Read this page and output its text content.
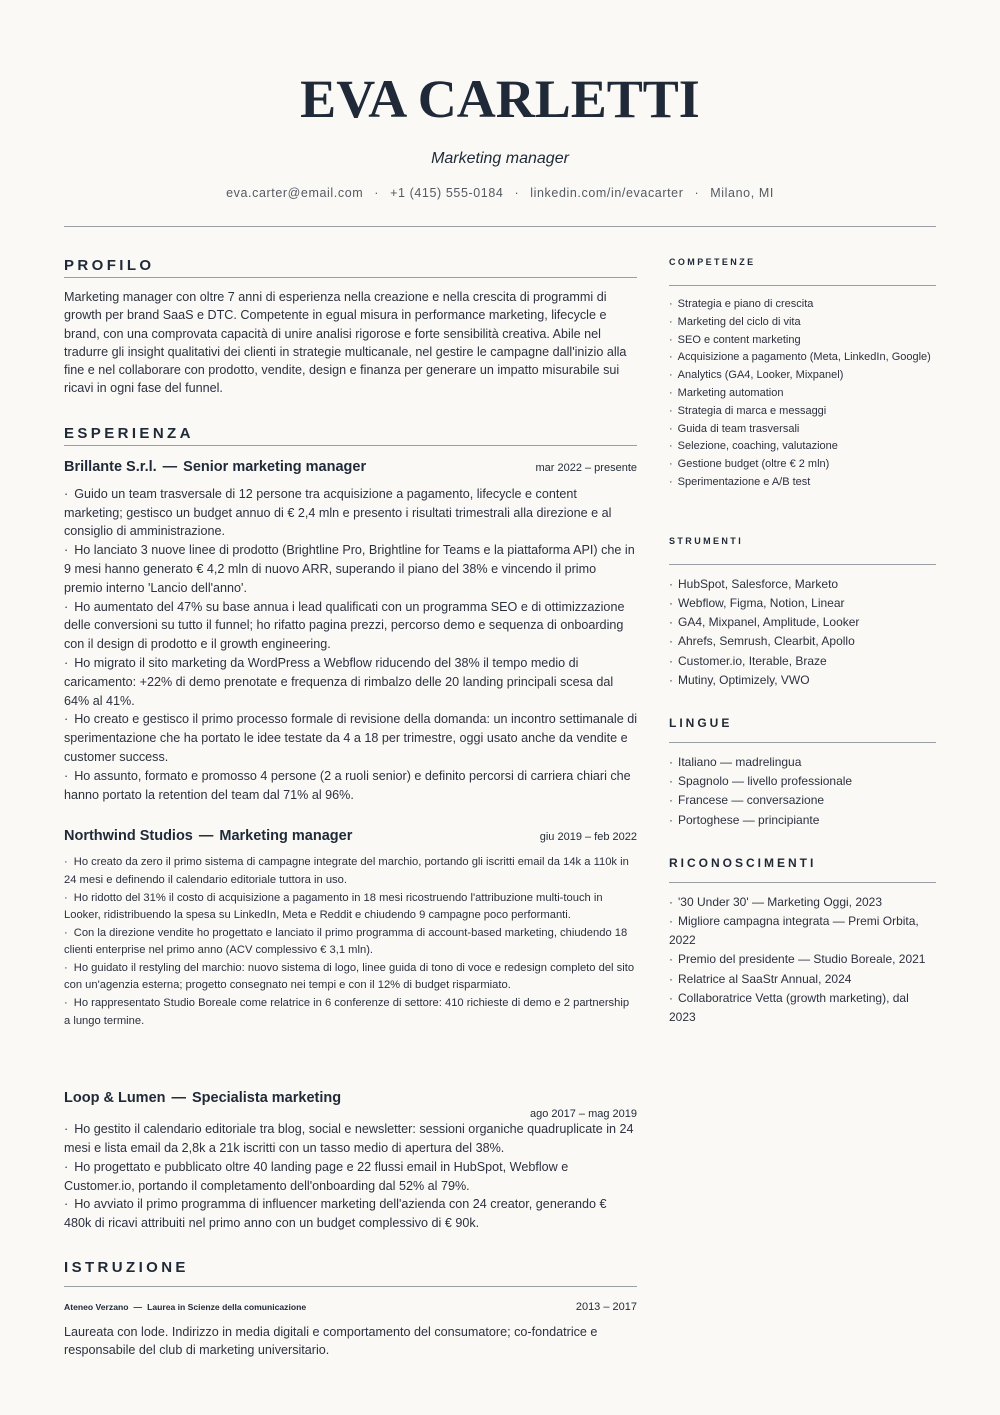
EVA CARLETTI
Marketing manager
eva.carter@email.com · +1 (415) 555-0184 · linkedin.com/in/evacarter · Milano, MI
PROFILO
Marketing manager con oltre 7 anni di esperienza nella creazione e nella crescita di programmi di growth per brand SaaS e DTC. Competente in egual misura in performance marketing, lifecycle e brand, con una comprovata capacità di unire analisi rigorose e forte sensibilità creativa. Abile nel tradurre gli insight qualitativi dei clienti in strategie multicanale, nel gestire le campagne dall'inizio alla fine e nel collaborare con prodotto, vendite, design e finanza per generare un impatto misurabile sui ricavi in ogni fase del funnel.
ESPERIENZA
Brillante S.r.l. — Senior marketing manager	mar 2022 – presente
· Guido un team trasversale di 12 persone tra acquisizione a pagamento, lifecycle e content marketing; gestisco un budget annuo di € 2,4 mln e presento i risultati trimestrali alla direzione e al consiglio di amministrazione.
· Ho lanciato 3 nuove linee di prodotto (Brightline Pro, Brightline for Teams e la piattaforma API) che in 9 mesi hanno generato € 4,2 mln di nuovo ARR, superando il piano del 38% e vincendo il primo premio interno 'Lancio dell'anno'.
· Ho aumentato del 47% su base annua i lead qualificati con un programma SEO e di ottimizzazione delle conversioni su tutto il funnel; ho rifatto pagina prezzi, percorso demo e sequenza di onboarding con il design di prodotto e il growth engineering.
· Ho migrato il sito marketing da WordPress a Webflow riducendo del 38% il tempo medio di caricamento: +22% di demo prenotate e frequenza di rimbalzo delle 20 landing principali scesa dal 64% al 41%.
· Ho creato e gestisco il primo processo formale di revisione della domanda: un incontro settimanale di sperimentazione che ha portato le idee testate da 4 a 18 per trimestre, oggi usato anche da vendite e customer success.
· Ho assunto, formato e promosso 4 persone (2 a ruoli senior) e definito percorsi di carriera chiari che hanno portato la retention del team dal 71% al 96%.
Northwind Studios — Marketing manager	giu 2019 – feb 2022
· Ho creato da zero il primo sistema di campagne integrate del marchio, portando gli iscritti email da 14k a 110k in 24 mesi e definendo il calendario editoriale tuttora in uso.
· Ho ridotto del 31% il costo di acquisizione a pagamento in 18 mesi ricostruendo l'attribuzione multi-touch in Looker, ridistribuendo la spesa su LinkedIn, Meta e Reddit e chiudendo 9 campagne poco performanti.
· Con la direzione vendite ho progettato e lanciato il primo programma di account-based marketing, chiudendo 18 clienti enterprise nel primo anno (ACV complessivo € 3,1 mln).
· Ho guidato il restyling del marchio: nuovo sistema di logo, linee guida di tono di voce e redesign completo del sito con un'agenzia esterna; progetto consegnato nei tempi e con il 12% di budget risparmiato.
· Ho rappresentato Studio Boreale come relatrice in 6 conferenze di settore: 410 richieste di demo e 2 partnership a lungo termine.
Loop & Lumen — Specialista marketing
ago 2017 – mag 2019
· Ho gestito il calendario editoriale tra blog, social e newsletter: sessioni organiche quadruplicate in 24 mesi e lista email da 2,8k a 21k iscritti con un tasso medio di apertura del 38%.
· Ho progettato e pubblicato oltre 40 landing page e 22 flussi email in HubSpot, Webflow e Customer.io, portando il completamento dell'onboarding dal 52% al 79%.
· Ho avviato il primo programma di influencer marketing dell'azienda con 24 creator, generando € 480k di ricavi attribuiti nel primo anno con un budget complessivo di € 90k.
ISTRUZIONE
Ateneo Verzano — Laurea in Scienze della comunicazione	2013 – 2017
Laureata con lode. Indirizzo in media digitali e comportamento del consumatore; co-fondatrice e responsabile del club di marketing universitario.
COMPETENZE
· Strategia e piano di crescita
· Marketing del ciclo di vita
· SEO e content marketing
· Acquisizione a pagamento (Meta, LinkedIn, Google)
· Analytics (GA4, Looker, Mixpanel)
· Marketing automation
· Strategia di marca e messaggi
· Guida di team trasversali
· Selezione, coaching, valutazione
· Gestione budget (oltre € 2 mln)
· Sperimentazione e A/B test
STRUMENTI
· HubSpot, Salesforce, Marketo
· Webflow, Figma, Notion, Linear
· GA4, Mixpanel, Amplitude, Looker
· Ahrefs, Semrush, Clearbit, Apollo
· Customer.io, Iterable, Braze
· Mutiny, Optimizely, VWO
LINGUE
· Italiano — madrelingua
· Spagnolo — livello professionale
· Francese — conversazione
· Portoghese — principiante
RICONOSCIMENTI
· '30 Under 30' — Marketing Oggi, 2023
· Migliore campagna integrata — Premi Orbita, 2022
· Premio del presidente — Studio Boreale, 2021
· Relatrice al SaaStr Annual, 2024
· Collaboratrice Vetta (growth marketing), dal 2023
